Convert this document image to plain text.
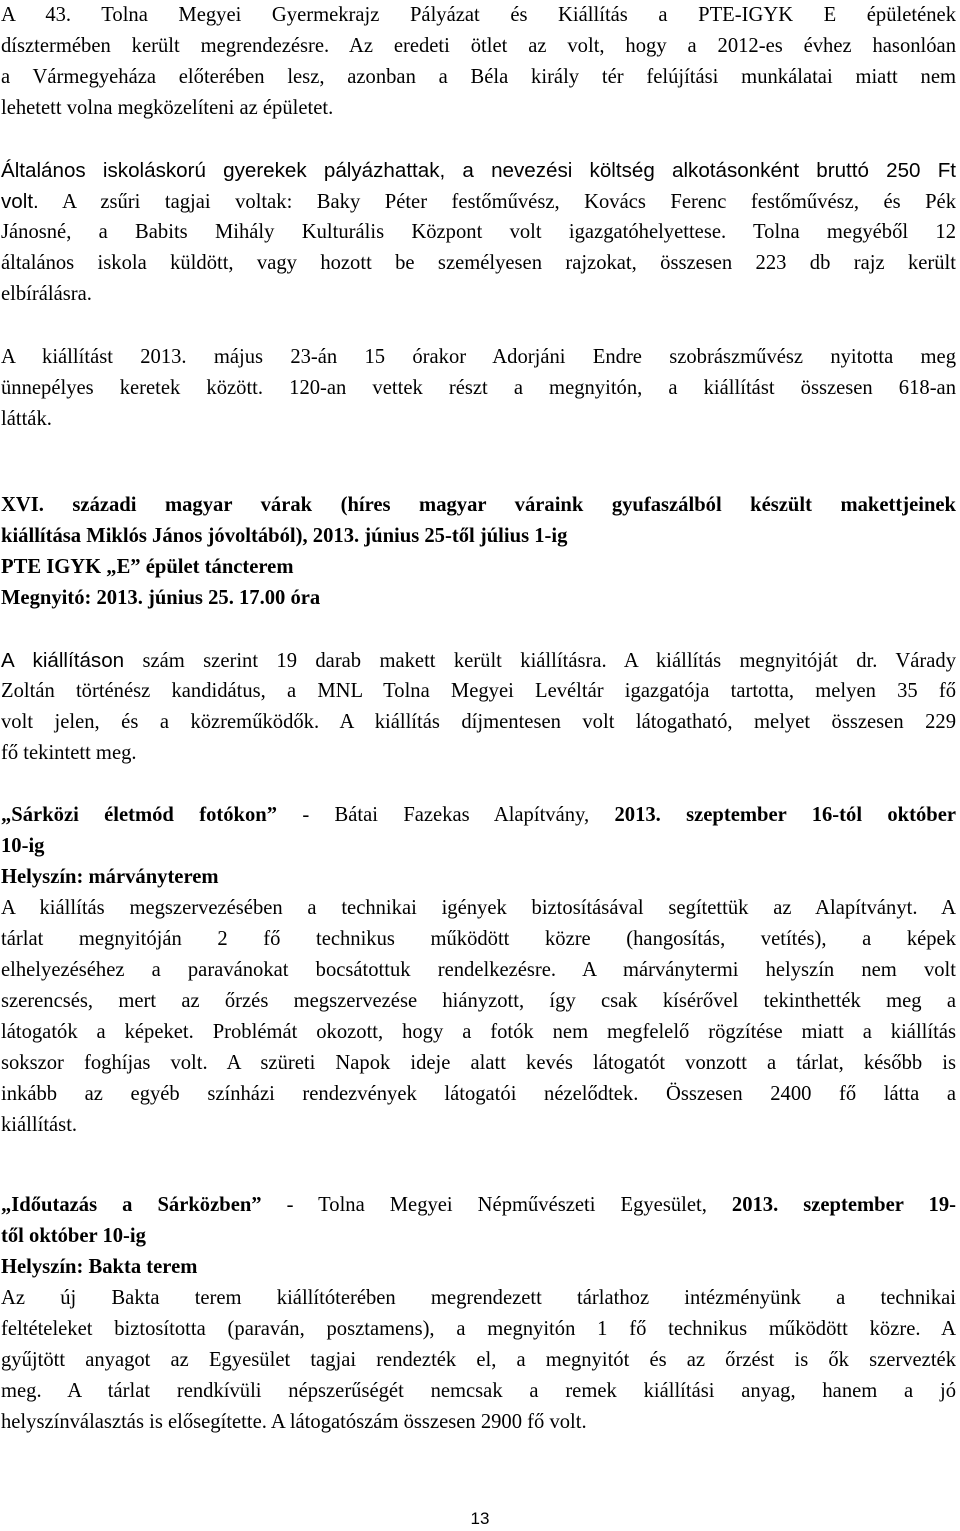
A 43. Tolna Megyei Gyermekrajz Pályázat és Kiállítás a PTE-IGYK E épületének
dísztermében került megrendezésre. Az eredeti ötlet az volt, hogy a 2012-es évhez hasonlóan
a Vármegyeháza előterében lesz, azonban a Béla király tér felújítási munkálatai miatt nem
lehetett volna megközelíteni az épületet.
Általános iskoláskorú gyerekek pályázhattak, a nevezési költség alkotásonként bruttó 250 Ft
volt. A zsűri tagjai voltak: Baky Péter festőművész, Kovács Ferenc festőművész, és Pék
Jánosné, a Babits Mihály Kulturális Központ volt igazgatóhelyettese. Tolna megyéből 12
általános iskola küldött, vagy hozott be személyesen rajzokat, összesen 223 db rajz került
elbírálásra.
A kiállítást 2013. május 23-án 15 órakor Adorjáni Endre szobrászművész nyitotta meg
ünnepélyes keretek között. 120-an vettek részt a megnyitón, a kiállítást összesen 618-an
látták.
XVI. századi magyar várak (híres magyar váraink gyufaszálból készült makettjeinek
kiállítása Miklós János jóvoltából), 2013. június 25-től július 1-ig
PTE IGYK „E” épület táncterem
Megnyitó: 2013. június 25. 17.00 óra
A kiállításon szám szerint 19 darab makett került kiállításra. A kiállítás megnyitóját dr. Várady
Zoltán történész kandidátus, a MNL Tolna Megyei Levéltár igazgatója tartotta, melyen 35 fő
volt jelen, és a közreműködők. A kiállítás díjmentesen volt látogatható, melyet összesen 229
fő tekintett meg.
„Sárközi életmód fotókon” - Bátai Fazekas Alapítvány, 2013. szeptember 16-tól október
10-ig
Helyszín: márványterem
A kiállítás megszervezésében a technikai igények biztosításával segítettük az Alapítványt. A
tárlat megnyitóján 2 fő technikus működött közre (hangosítás, vetítés), a képek
elhelyezéséhez a paravánokat bocsátottuk rendelkezésre. A márványtermi helyszín nem volt
szerencsés, mert az őrzés megszervezése hiányzott, így csak kísérővel tekinthették meg a
látogatók a képeket. Problémát okozott, hogy a fotók nem megfelelő rögzítése miatt a kiállítás
sokszor foghíjas volt. A szüreti Napok ideje alatt kevés látogatót vonzott a tárlat, később is
inkább az egyéb színházi rendezvények látogatói nézelődtek. Összesen 2400 fő látta a
kiállítást.
„Időutazás a Sárközben” - Tolna Megyei Népművészeti Egyesület, 2013. szeptember 19-
től október 10-ig
Helyszín: Bakta terem
Az új Bakta terem kiállítóterében megrendezett tárlathoz intézményünk a technikai
feltételeket biztosította (paraván, posztamens), a megnyitón 1 fő technikus működött közre. A
gyűjtött anyagot az Egyesület tagjai rendezték el, a megnyitót és az őrzést is ők szervezték
meg. A tárlat rendkívüli népszerűségét nemcsak a remek kiállítási anyag, hanem a jó
helyszínválasztás is elősegítette. A látogatószám összesen 2900 fő volt.
13
